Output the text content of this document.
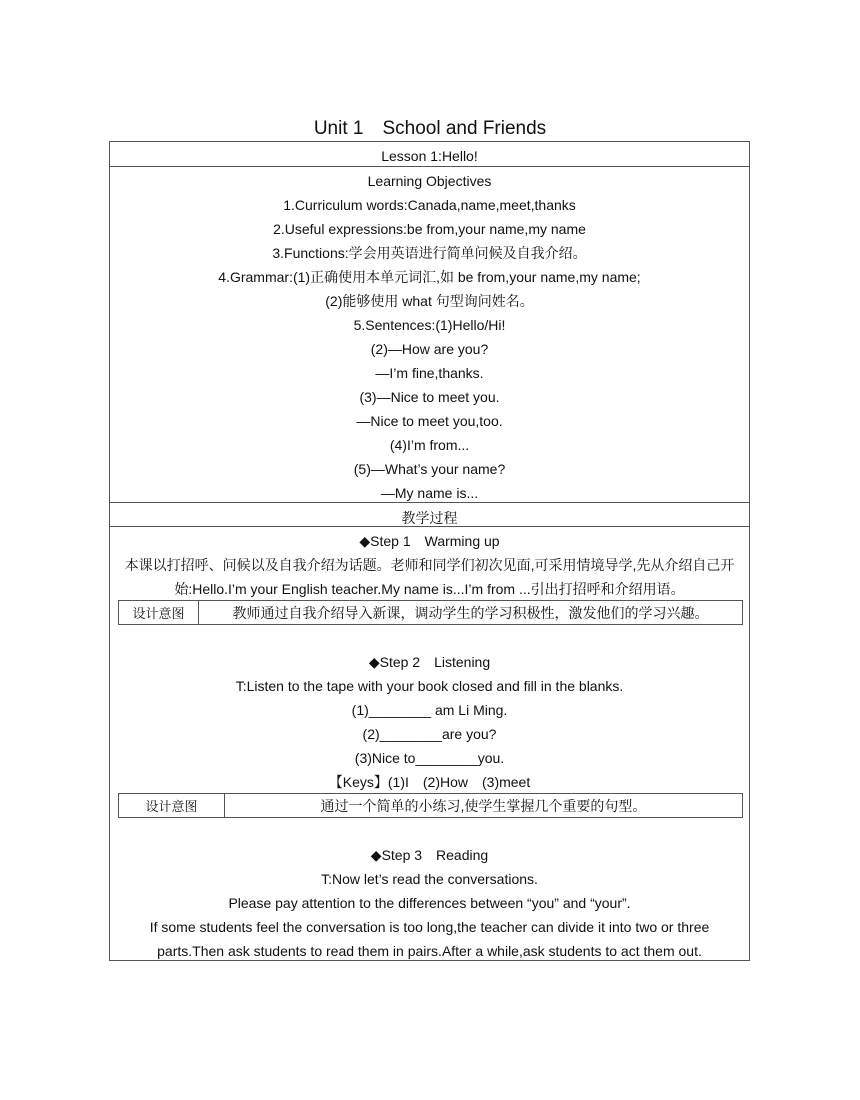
Unit 1　School and Friends
Lesson 1:Hello!
Learning Objectives
1.Curriculum words:Canada,name,meet,thanks
2.Useful expressions:be from,your name,my name
3.Functions:学会用英语进行简单问候及自我介绍。
4.Grammar:(1)正确使用本单元词汇,如 be from,your name,my name;
(2)能够使用 what 句型询问姓名。
5.Sentences:(1)Hello/Hi!
(2)—How are you?
—I’m fine,thanks.
(3)—Nice to meet you.
—Nice to meet you,too.
(4)I’m from...
(5)—What’s your name?
—My name is...
教学过程
◆Step 1　Warming up
本课以打招呼、问候以及自我介绍为话题。老师和同学们初次见面,可采用情境导学,先从介绍自己开
始:Hello.I’m your English teacher.My name is...I’m from ...引出打招呼和介绍用语。
设计意图	教师通过自我介绍导入新课，调动学生的学习积极性，激发他们的学习兴趣。
◆Step 2　Listening
T:Listen to the tape with your book closed and fill in the blanks.
(1)________ am Li Ming.
(2)________are you?
(3)Nice to________you.
【Keys】(1)I　(2)How　(3)meet
设计意图	通过一个简单的小练习,使学生掌握几个重要的句型。
◆Step 3　Reading
T:Now let’s read the conversations.
Please pay attention to the differences between “you” and “your”.
If some students feel the conversation is too long,the teacher can divide it into two or three
parts.Then ask students to read them in pairs.After a while,ask students to act them out.
